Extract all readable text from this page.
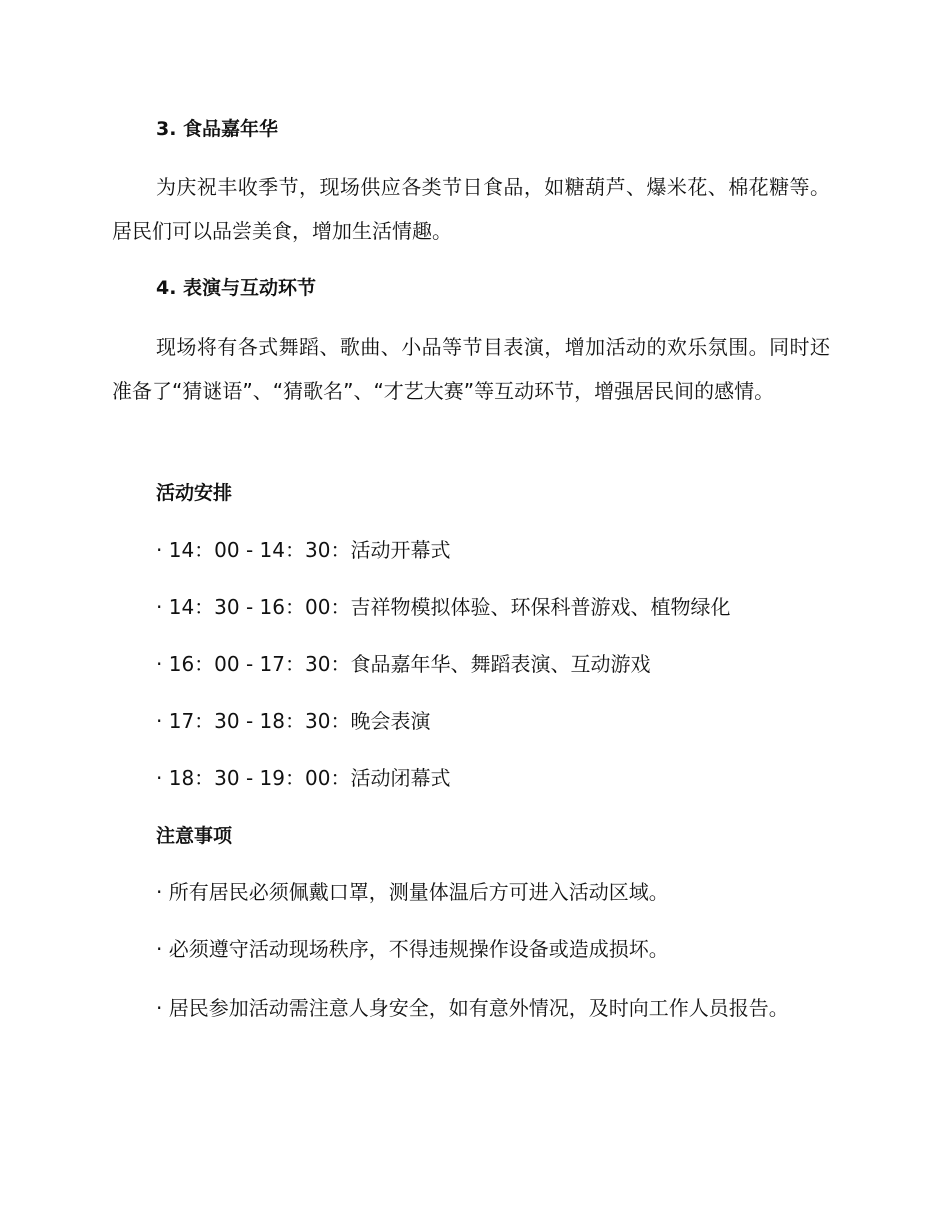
3. 食品嘉年华
为庆祝丰收季节，现场供应各类节日食品，如糖葫芦、爆米花、棉花糖等。居民们可以品尝美食，增加生活情趣。
4. 表演与互动环节
现场将有各式舞蹈、歌曲、小品等节目表演，增加活动的欢乐氛围。同时还准备了“猜谜语”、“猜歌名”、“才艺大赛”等互动环节，增强居民间的感情。
活动安排
· 14：00 - 14：30：活动开幕式
· 14：30 - 16：00：吉祥物模拟体验、环保科普游戏、植物绿化
· 16：00 - 17：30：食品嘉年华、舞蹈表演、互动游戏
· 17：30 - 18：30：晚会表演
· 18：30 - 19：00：活动闭幕式
注意事项
· 所有居民必须佩戴口罩，测量体温后方可进入活动区域。
· 必须遵守活动现场秩序，不得违规操作设备或造成损坏。
· 居民参加活动需注意人身安全，如有意外情况，及时向工作人员报告。
